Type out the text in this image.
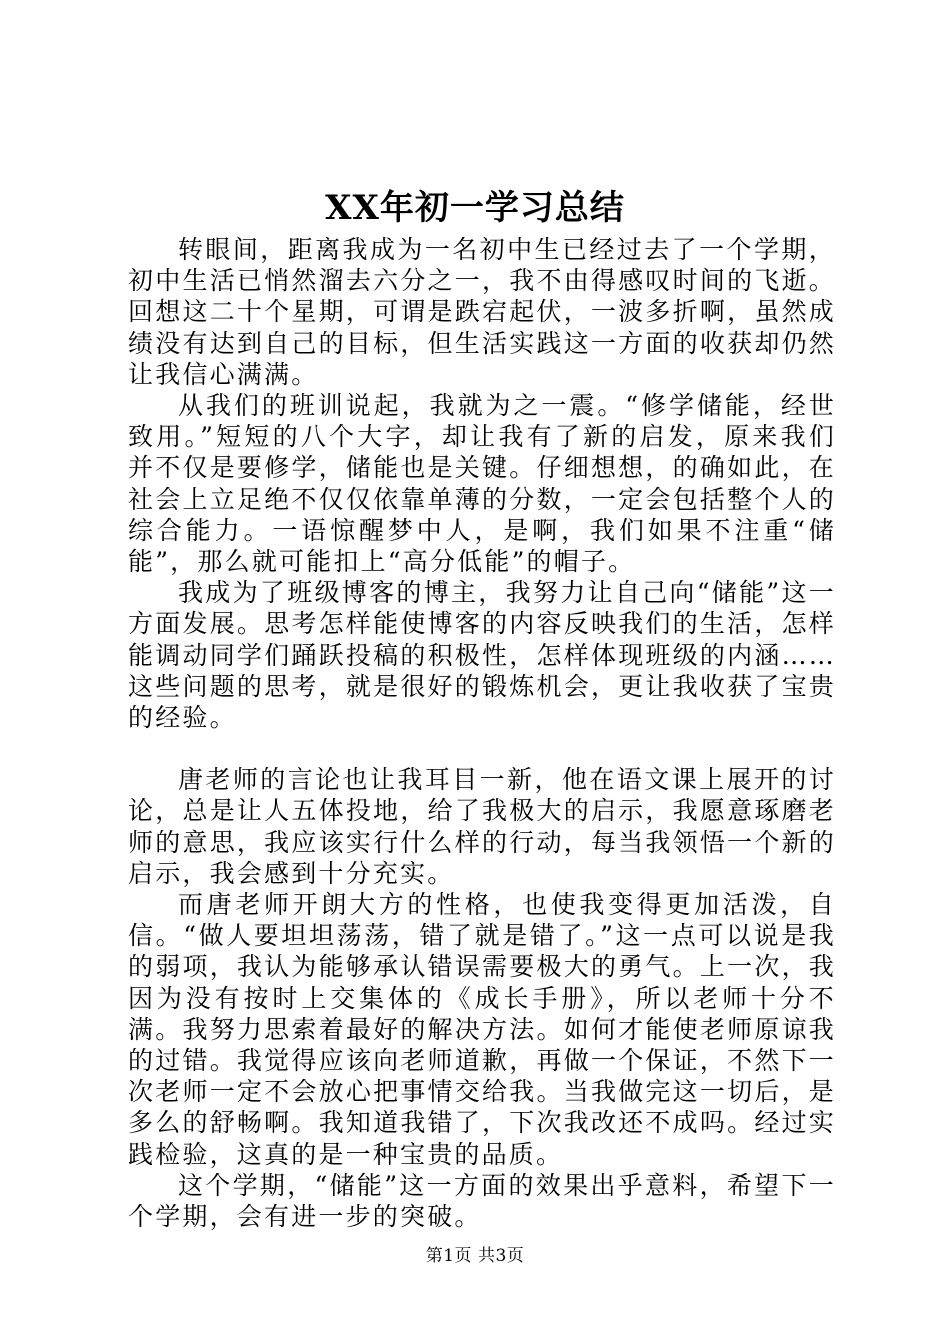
XX年初一学习总结

转眼间，距离我成为一名初中生已经过去了一个学期，初中生活已悄然溜去六分之一，我不由得感叹时间的飞逝。回想这二十个星期，可谓是跌宕起伏，一波多折啊，虽然成绩没有达到自己的目标，但生活实践这一方面的收获却仍然让我信心满满。

从我们的班训说起，我就为之一震。“修学储能，经世致用。”短短的八个大字，却让我有了新的启发，原来我们并不仅是要修学，储能也是关键。仔细想想，的确如此，在社会上立足绝不仅仅依靠单薄的分数，一定会包括整个人的综合能力。一语惊醒梦中人，是啊，我们如果不注重“储能”，那么就可能扣上“高分低能”的帽子。

我成为了班级博客的博主，我努力让自己向“储能”这一方面发展。思考怎样能使博客的内容反映我们的生活，怎样能调动同学们踊跃投稿的积极性，怎样体现班级的内涵……这些问题的思考，就是很好的锻炼机会，更让我收获了宝贵的经验。

唐老师的言论也让我耳目一新，他在语文课上展开的讨论，总是让人五体投地，给了我极大的启示，我愿意琢磨老师的意思，我应该实行什么样的行动，每当我领悟一个新的启示，我会感到十分充实。

而唐老师开朗大方的性格，也使我变得更加活泼，自信。“做人要坦坦荡荡，错了就是错了。”这一点可以说是我的弱项，我认为能够承认错误需要极大的勇气。上一次，我因为没有按时上交集体的《成长手册》，所以老师十分不满。我努力思索着最好的解决方法。如何才能使老师原谅我的过错。我觉得应该向老师道歉，再做一个保证，不然下一次老师一定不会放心把事情交给我。当我做完这一切后，是多么的舒畅啊。我知道我错了，下次我改还不成吗。经过实践检验，这真的是一种宝贵的品质。

这个学期，“储能”这一方面的效果出乎意料，希望下一个学期，会有进一步的突破。

第1页 共3页
